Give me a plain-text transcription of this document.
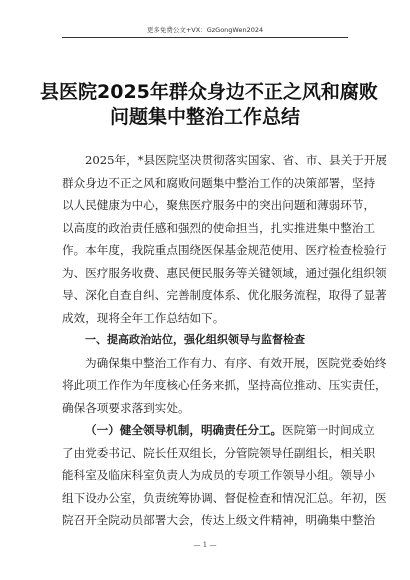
更多免费公文+VX：GzGongWen2024
县医院2025年群众身边不正之风和腐败
问题集中整治工作总结
2025年，*县医院坚决贯彻落实国家、省、市、县关于开展
群众身边不正之风和腐败问题集中整治工作的决策部署，坚持
以人民健康为中心，聚焦医疗服务中的突出问题和薄弱环节，
以高度的政治责任感和强烈的使命担当，扎实推进集中整治工
作。本年度，我院重点围绕医保基金规范使用、医疗检查检验行
为、医疗服务收费、惠民便民服务等关键领域，通过强化组织领
导、深化自查自纠、完善制度体系、优化服务流程，取得了显著
成效，现将全年工作总结如下。
一、提高政治站位，强化组织领导与监督检查
为确保集中整治工作有力、有序、有效开展，医院党委始终
将此项工作作为年度核心任务来抓，坚持高位推动、压实责任，
确保各项要求落到实处。
（一）健全领导机制，明确责任分工。医院第一时间成立
了由党委书记、院长任双组长，分管院领导任副组长，相关职
能科室及临床科室负责人为成员的专项工作领导小组。领导小
组下设办公室，负责统筹协调、督促检查和情况汇总。年初，医
院召开全院动员部署大会，传达上级文件精神，明确集中整治
— 1 —
